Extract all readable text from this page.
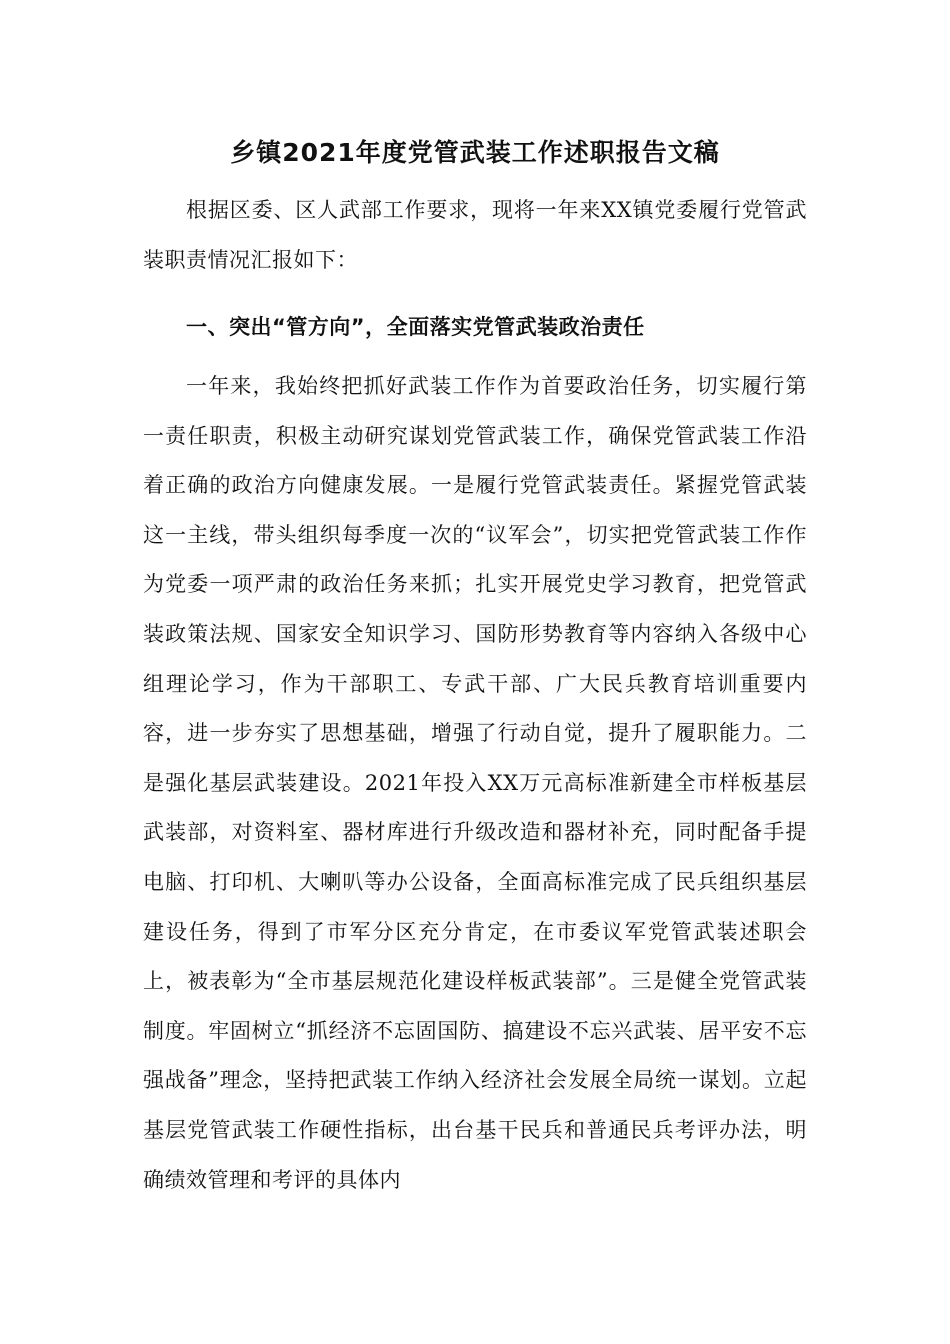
乡镇2021年度党管武装工作述职报告文稿

根据区委、区人武部工作要求，现将一年来XX镇党委履行党管武装职责情况汇报如下：

一、突出“管方向”，全面落实党管武装政治责任

一年来，我始终把抓好武装工作作为首要政治任务，切实履行第一责任职责，积极主动研究谋划党管武装工作，确保党管武装工作沿着正确的政治方向健康发展。一是履行党管武装责任。紧握党管武装这一主线，带头组织每季度一次的“议军会”，切实把党管武装工作作为党委一项严肃的政治任务来抓；扎实开展党史学习教育，把党管武装政策法规、国家安全知识学习、国防形势教育等内容纳入各级中心组理论学习，作为干部职工、专武干部、广大民兵教育培训重要内容，进一步夯实了思想基础，增强了行动自觉，提升了履职能力。二是强化基层武装建设。2021年投入XX万元高标准新建全市样板基层武装部，对资料室、器材库进行升级改造和器材补充，同时配备手提电脑、打印机、大喇叭等办公设备，全面高标准完成了民兵组织基层建设任务，得到了市军分区充分肯定，在市委议军党管武装述职会上，被表彰为“全市基层规范化建设样板武装部”。三是健全党管武装制度。牢固树立“抓经济不忘固国防、搞建设不忘兴武装、居平安不忘强战备”理念，坚持把武装工作纳入经济社会发展全局统一谋划。立起基层党管武装工作硬性指标，出台基干民兵和普通民兵考评办法，明确绩效管理和考评的具体内
